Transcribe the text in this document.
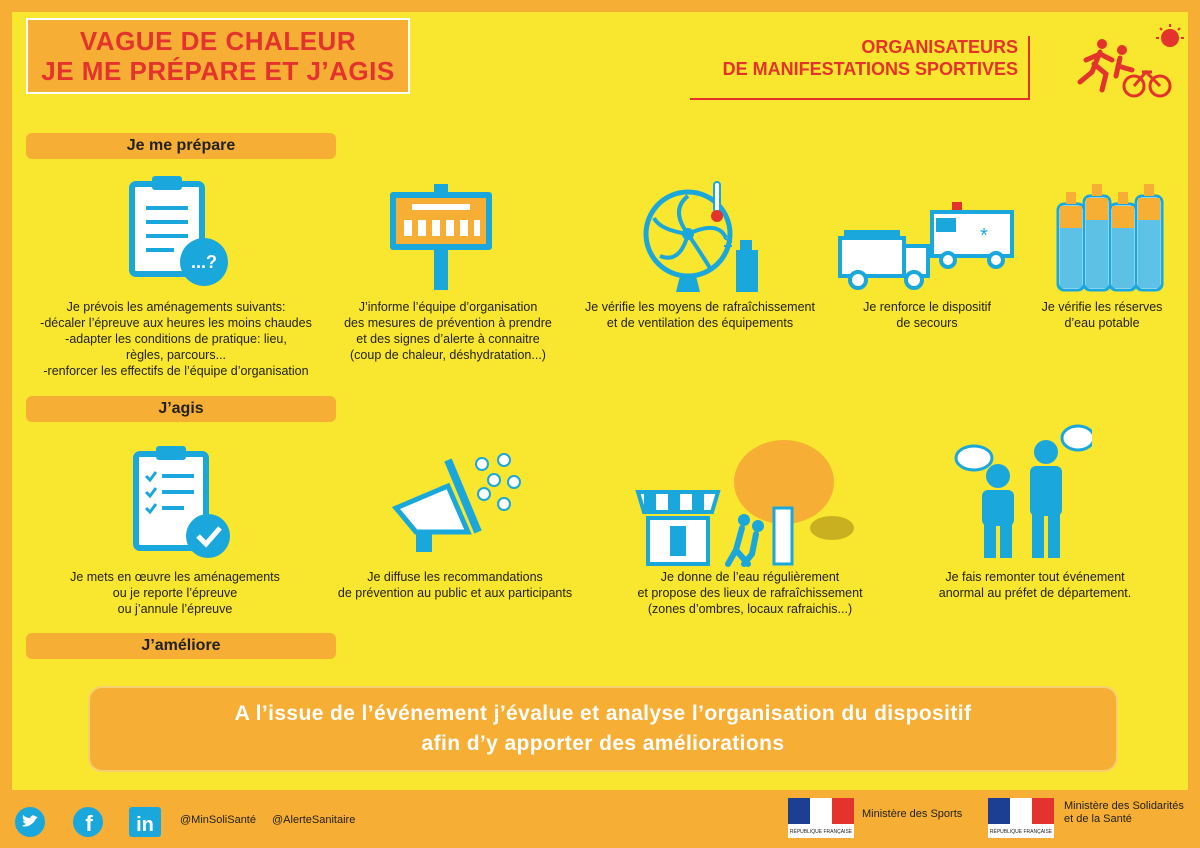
VAGUE DE CHALEUR
JE ME PRÉPARE ET J’AGIS
ORGANISATEURS
DE MANIFESTATIONS SPORTIVES
Je me prépare
...?
*
Je prévois les aménagements suivants:
-décaler l’épreuve aux heures les moins chaudes
-adapter les conditions de pratique: lieu,
règles, parcours...
-renforcer les effectifs de l’équipe d’organisation
J’informe l’équipe d’organisation
des mesures de prévention à prendre
et des signes d’alerte à connaitre
(coup de chaleur, déshydratation...)
Je vérifie les moyens de rafraîchissement
et de ventilation des équipements
Je renforce le dispositif
de secours
Je vérifie les réserves
d’eau potable
J’agis
Je mets en œuvre les aménagements
ou je reporte l’épreuve
ou j’annule l’épreuve
Je diffuse les recommandations
de prévention au public et aux participants
Je donne de l’eau régulièrement
et propose des lieux de rafraîchissement
(zones d’ombres, locaux rafraichis...)
Je fais remonter tout événement
anormal au préfet de département.
J’améliore
A l’issue de l’événement j’évalue et analyse l’organisation du dispositif
afin d’y apporter des améliorations
f in @MinSoliSanté @AlerteSanitaire
RÉPUBLIQUE FRANÇAISE
Ministère des Sports
RÉPUBLIQUE FRANÇAISE
Ministère des Solidarités
et de la Santé
